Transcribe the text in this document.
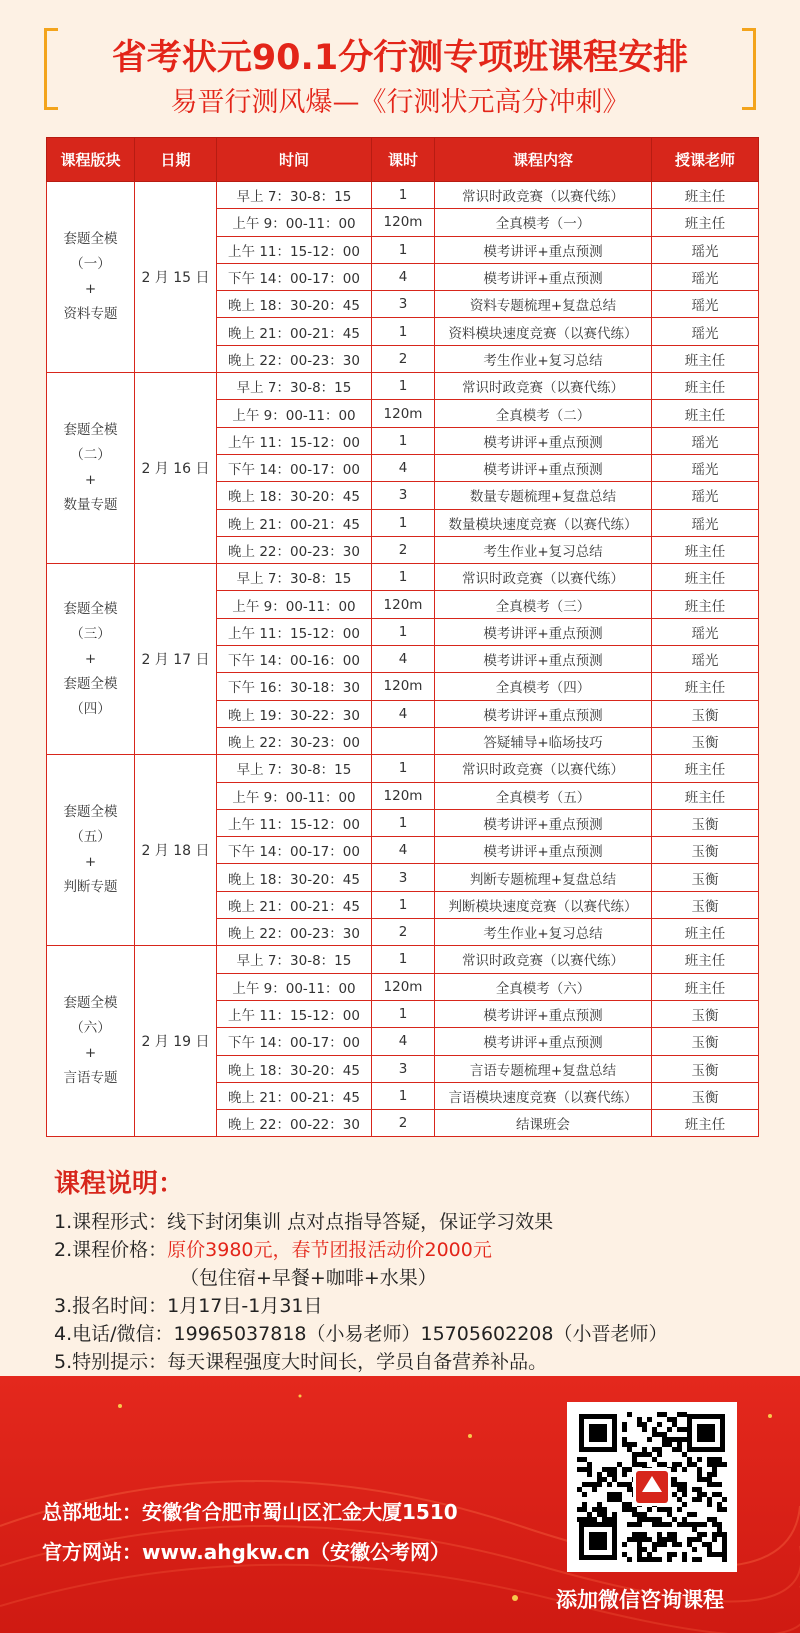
省考状元90.1分行测专项班课程安排
易晋行测风爆—《行测状元高分冲刺》
课程版块	日期	时间	课时	课程内容	授课老师

套题全模
（一）
+
资料专题	2 月 15 日	早上 7：30-8：15	1	常识时政竞赛（以赛代练）	班主任
		上午 9：00-11：00	120m	全真模考（一）	班主任
		上午 11：15-12：00	1	模考讲评+重点预测	瑶光
		下午 14：00-17：00	4	模考讲评+重点预测	瑶光
		晚上 18：30-20：45	3	资料专题梳理+复盘总结	瑶光
		晚上 21：00-21：45	1	资料模块速度竞赛（以赛代练）	瑶光
		晚上 22：00-23：30	2	考生作业+复习总结	班主任

套题全模
（二）
+
数量专题	2 月 16 日	早上 7：30-8：15	1	常识时政竞赛（以赛代练）	班主任
		上午 9：00-11：00	120m	全真模考（二）	班主任
		上午 11：15-12：00	1	模考讲评+重点预测	瑶光
		下午 14：00-17：00	4	模考讲评+重点预测	瑶光
		晚上 18：30-20：45	3	数量专题梳理+复盘总结	瑶光
		晚上 21：00-21：45	1	数量模块速度竞赛（以赛代练）	瑶光
		晚上 22：00-23：30	2	考生作业+复习总结	班主任

套题全模
（三）
+
套题全模
（四）	2 月 17 日	早上 7：30-8：15	1	常识时政竞赛（以赛代练）	班主任
		上午 9：00-11：00	120m	全真模考（三）	班主任
		上午 11：15-12：00	1	模考讲评+重点预测	瑶光
		下午 14：00-16：00	4	模考讲评+重点预测	瑶光
		下午 16：30-18：30	120m	全真模考（四）	班主任
		晚上 19：30-22：30	4	模考讲评+重点预测	玉衡
		晚上 22：30-23：00		答疑辅导+临场技巧	玉衡

套题全模
（五）
+
判断专题	2 月 18 日	早上 7：30-8：15	1	常识时政竞赛（以赛代练）	班主任
		上午 9：00-11：00	120m	全真模考（五）	班主任
		上午 11：15-12：00	1	模考讲评+重点预测	玉衡
		下午 14：00-17：00	4	模考讲评+重点预测	玉衡
		晚上 18：30-20：45	3	判断专题梳理+复盘总结	玉衡
		晚上 21：00-21：45	1	判断模块速度竞赛（以赛代练）	玉衡
		晚上 22：00-23：30	2	考生作业+复习总结	班主任

套题全模
（六）
+
言语专题	2 月 19 日	早上 7：30-8：15	1	常识时政竞赛（以赛代练）	班主任
		上午 9：00-11：00	120m	全真模考（六）	班主任
		上午 11：15-12：00	1	模考讲评+重点预测	玉衡
		下午 14：00-17：00	4	模考讲评+重点预测	玉衡
		晚上 18：30-20：45	3	言语专题梳理+复盘总结	玉衡
		晚上 21：00-21：45	1	言语模块速度竞赛（以赛代练）	玉衡
		晚上 22：00-22：30	2	结课班会	班主任
课程说明：
1.课程形式：线下封闭集训 点对点指导答疑，保证学习效果
2.课程价格：原价3980元，春节团报活动价2000元
（包住宿+早餐+咖啡+水果）
3.报名时间：1月17日-1月31日
4.电话/微信：19965037818（小易老师）15705602208（小晋老师）
5.特别提示：每天课程强度大时间长，学员自备营养补品。
总部地址：安徽省合肥市蜀山区汇金大厦1510
官方网站：www.ahgkw.cn（安徽公考网）
添加微信咨询课程
